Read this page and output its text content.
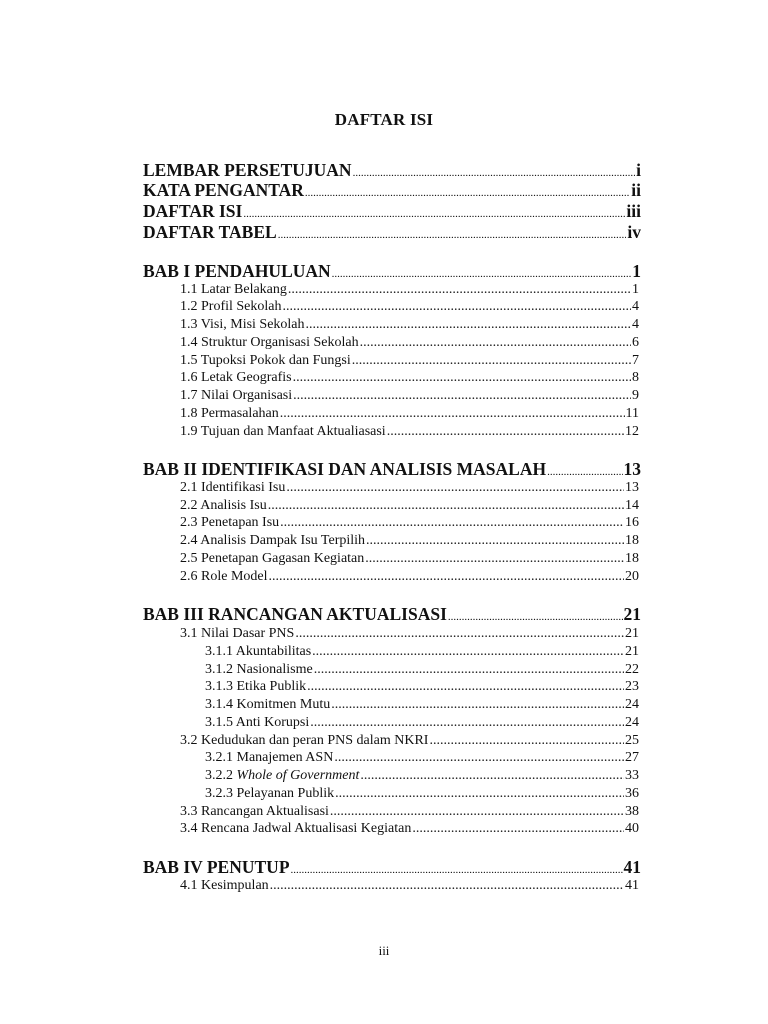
DAFTAR ISI
LEMBAR PERSETUJUAN .....	i
KATA PENGANTAR .....	ii
DAFTAR ISI .....	iii
DAFTAR TABEL .....	iv
BAB I PENDAHULUAN .....	1
1.1 Latar Belakang .....	1
1.2 Profil Sekolah .....	4
1.3 Visi, Misi Sekolah .....	4
1.4 Struktur Organisasi Sekolah .....	6
1.5 Tupoksi Pokok dan Fungsi .....	7
1.6 Letak Geografis .....	8
1.7 Nilai Organisasi .....	9
1.8 Permasalahan .....	11
1.9 Tujuan dan Manfaat Aktualiasasi .....	12
BAB II IDENTIFIKASI DAN ANALISIS MASALAH .....	13
2.1 Identifikasi Isu .....	13
2.2 Analisis Isu .....	14
2.3 Penetapan Isu .....	16
2.4 Analisis Dampak Isu Terpilih .....	18
2.5 Penetapan Gagasan Kegiatan .....	18
2.6 Role Model .....	20
BAB III RANCANGAN AKTUALISASI .....	21
3.1 Nilai Dasar PNS .....	21
3.1.1 Akuntabilitas .....	21
3.1.2 Nasionalisme .....	22
3.1.3 Etika Publik .....	23
3.1.4 Komitmen Mutu .....	24
3.1.5 Anti Korupsi .....	24
3.2 Kedudukan dan peran PNS dalam NKRI .....	25
3.2.1 Manajemen ASN .....	27
3.2.2 Whole of Government .....	33
3.2.3 Pelayanan Publik .....	36
3.3 Rancangan Aktualisasi .....	38
3.4 Rencana Jadwal Aktualisasi Kegiatan .....	40
BAB IV PENUTUP .....	41
4.1 Kesimpulan .....	41
iii
